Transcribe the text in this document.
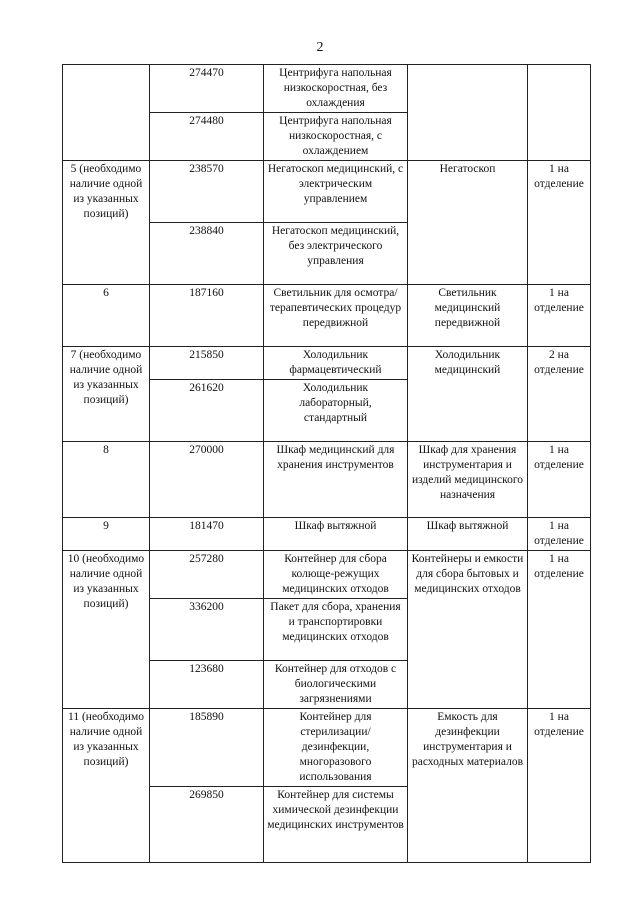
2
	274470	Центрифуга напольная низкоскоростная, без охлаждения		
	274480	Центрифуга напольная низкоскоростная, с охлаждением		
5 (необходимо наличие одной из указанных позиций)	238570	Негатоскоп медицинский, с электрическим управлением	Негатоскоп	1 на отделение
	238840	Негатоскоп медицинский, без электрического управления		
6	187160	Светильник для осмотра/ терапевтических процедур передвижной	Светильник медицинский передвижной	1 на отделение
7 (необходимо наличие одной из указанных позиций)	215850	Холодильник фармацевтический	Холодильник медицинский	2 на отделение
	261620	Холодильник лабораторный, стандартный		
8	270000	Шкаф медицинский для хранения инструментов	Шкаф для хранения инструментария и изделий медицинского назначения	1 на отделение
9	181470	Шкаф вытяжной	Шкаф вытяжной	1 на отделение
10 (необходимо наличие одной из указанных позиций)	257280	Контейнер для сбора колюще-режущих медицинских отходов	Контейнеры и емкости для сбора бытовых и медицинских отходов	1 на отделение
	336200	Пакет для сбора, хранения и транспортировки медицинских отходов		
	123680	Контейнер для отходов с биологическими загрязнениями		
11 (необходимо наличие одной из указанных позиций)	185890	Контейнер для стерилизации/ дезинфекции, многоразового использования	Емкость для дезинфекции инструментария и расходных материалов	1 на отделение
	269850	Контейнер для системы химической дезинфекции медицинских инструментов		
